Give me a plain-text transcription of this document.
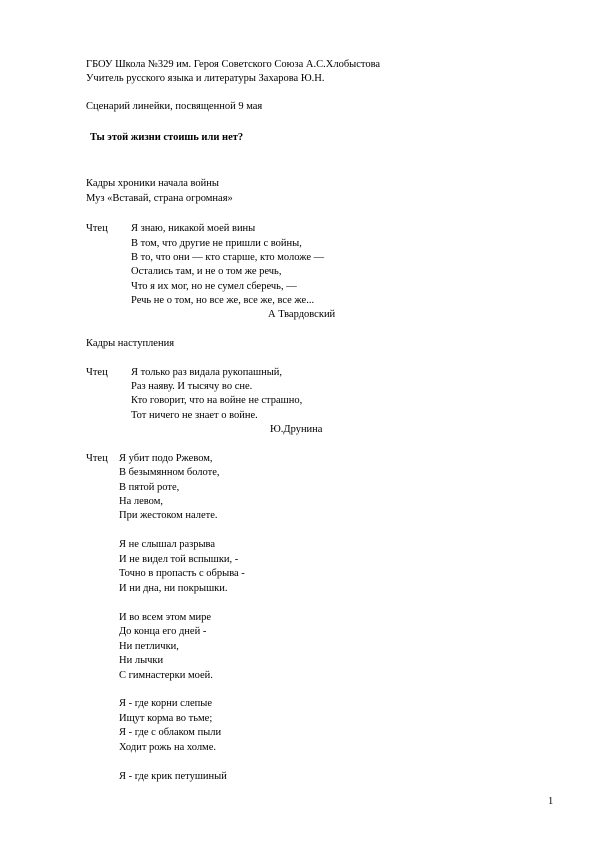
ГБОУ Школа №329 им. Героя Советского Союза А.С.Хлобыстова
Учитель русского языка и литературы Захарова Ю.Н.
Сценарий линейки, посвященной 9 мая
Ты этой жизни стоишь или нет?
Кадры хроники начала войны
Муз «Вставай, страна огромная»
Чтец Я знаю, никакой моей вины
В том, что другие не пришли с войны,
В то, что они — кто старше, кто моложе —
Остались там, и не о том же речь,
Что я их мог, но не сумел сберечь, —
Речь не о том, но все же, все же, все же...
А Твардовский
Кадры наступления
Чтец Я только раз видала рукопашный,
Раз наяву. И тысячу во сне.
Кто говорит, что на войне не страшно,
Тот ничего не знает о войне.
Ю.Друнина
Чтец Я убит подо Ржевом,
В безымянном болоте,
В пятой роте,
На левом,
При жестоком налете.
Я не слышал разрыва
И не видел той вспышки, -
Точно в пропасть с обрыва -
И ни дна, ни покрышки.
И во всем этом мире
До конца его дней -
Ни петлички,
Ни лычки
С гимнастерки моей.
Я - где корни слепые
Ищут корма во тьме;
Я - где с облаком пыли
Ходит рожь на холме.
Я - где крик петушиный
1
